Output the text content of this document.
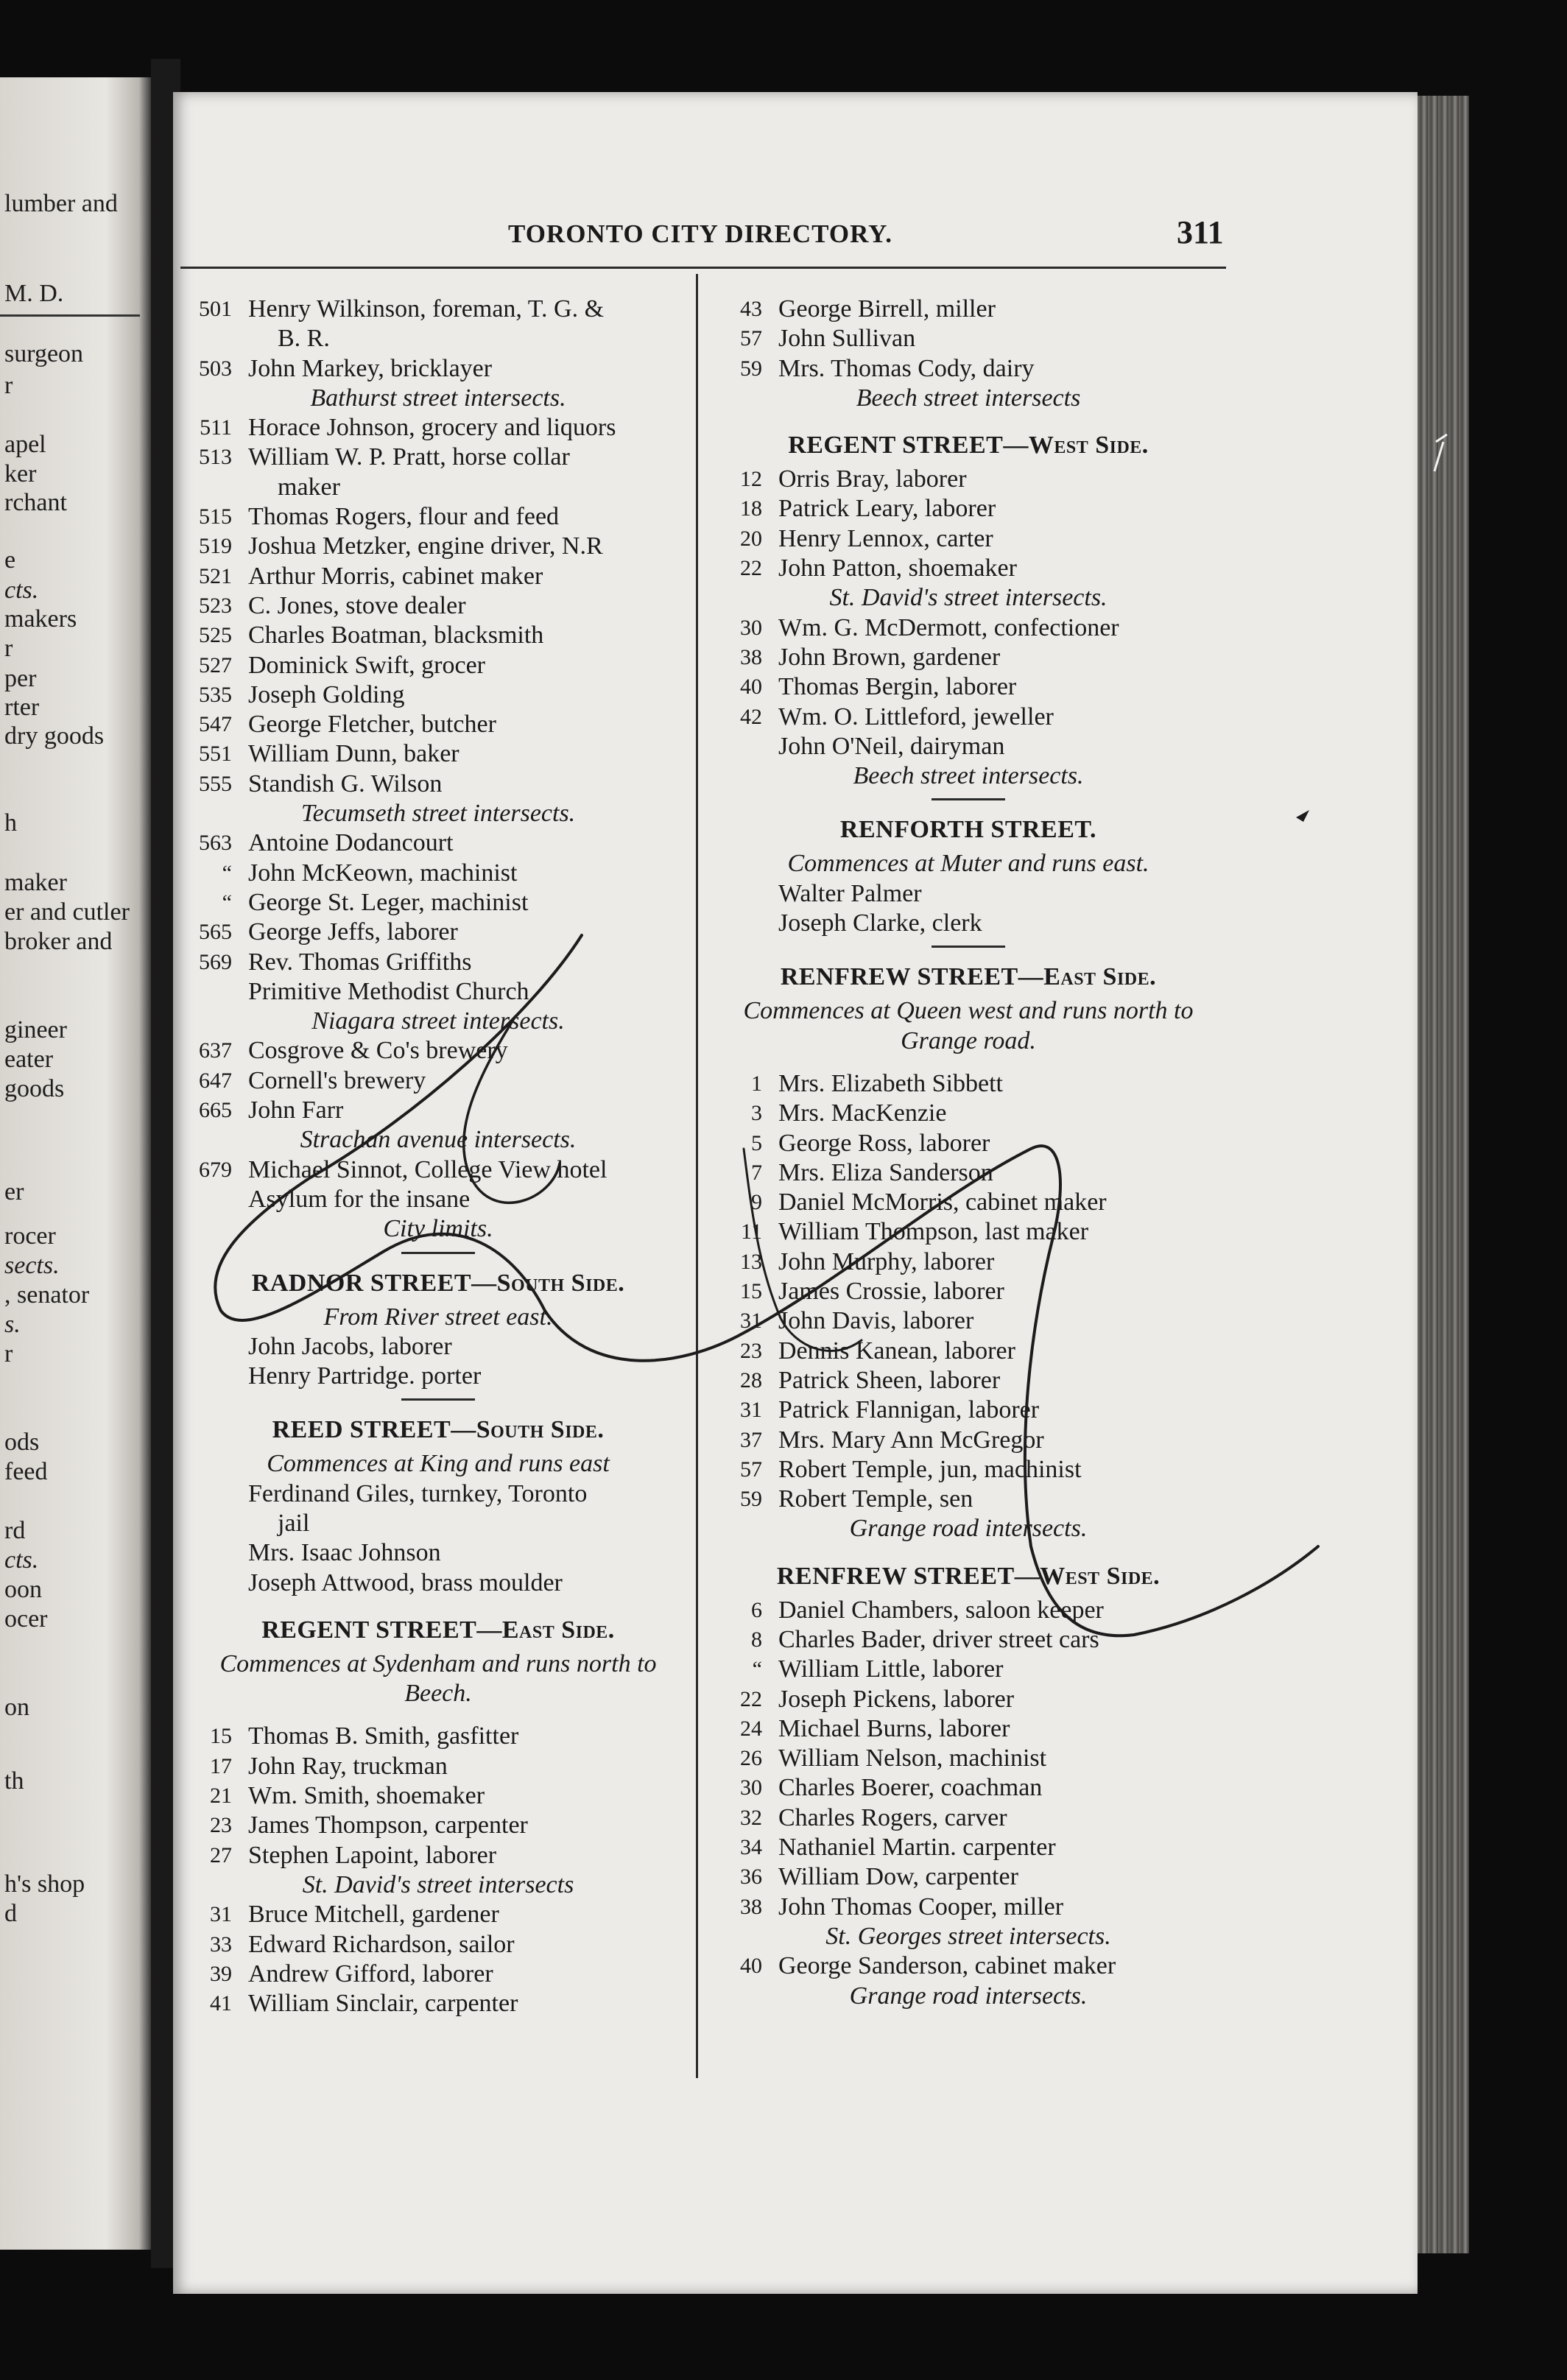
lumber and
M. D.
surgeon
r
apel
ker
rchant
e
cts.
makers
r
per
rter
dry goods
h
maker
er and cutler
broker and
gineer
eater
goods
er
rocer
sects.
, senator
s.
r
ods
feed
rd
cts.
oon
ocer
on
th
h's shop
d
TORONTO CITY DIRECTORY.	311
501 Henry Wilkinson, foreman, T. G. &
B. R.
503 John Markey, bricklayer
Bathurst street intersects.
511 Horace Johnson, grocery and liquors
513 William W. P. Pratt, horse collar
maker
515 Thomas Rogers, flour and feed
519 Joshua Metzker, engine driver, N.R
521 Arthur Morris, cabinet maker
523 C. Jones, stove dealer
525 Charles Boatman, blacksmith
527 Dominick Swift, grocer
535 Joseph Golding
547 George Fletcher, butcher
551 William Dunn, baker
555 Standish G. Wilson
Tecumseth street intersects.
563 Antoine Dodancourt
“ John McKeown, machinist
“ George St. Leger, machinist
565 George Jeffs, laborer
569 Rev. Thomas Griffiths
Primitive Methodist Church
Niagara street intersects.
637 Cosgrove & Co's brewery
647 Cornell's brewery
665 John Farr
Strachan avenue intersects.
679 Michael Sinnot, College View hotel
Asylum for the insane
City limits.
RADNOR STREET—South Side.
From River street east.
John Jacobs, laborer
Henry Partridge. porter
REED STREET—South Side.
Commences at King and runs east
Ferdinand Giles, turnkey, Toronto
jail
Mrs. Isaac Johnson
Joseph Attwood, brass moulder
REGENT STREET—East Side.
Commences at Sydenham and runs north to
Beech.
15 Thomas B. Smith, gasfitter
17 John Ray, truckman
21 Wm. Smith, shoemaker
23 James Thompson, carpenter
27 Stephen Lapoint, laborer
St. David's street intersects
31 Bruce Mitchell, gardener
33 Edward Richardson, sailor
39 Andrew Gifford, laborer
41 William Sinclair, carpenter
43 George Birrell, miller
57 John Sullivan
59 Mrs. Thomas Cody, dairy
Beech street intersects
REGENT STREET—West Side.
12 Orris Bray, laborer
18 Patrick Leary, laborer
20 Henry Lennox, carter
22 John Patton, shoemaker
St. David's street intersects.
30 Wm. G. McDermott, confectioner
38 John Brown, gardener
40 Thomas Bergin, laborer
42 Wm. O. Littleford, jeweller
John O'Neil, dairyman
Beech street intersects.
RENFORTH STREET.
Commences at Muter and runs east.
Walter Palmer
Joseph Clarke, clerk
RENFREW STREET—East Side.
Commences at Queen west and runs north to
Grange road.
1 Mrs. Elizabeth Sibbett
3 Mrs. MacKenzie
5 George Ross, laborer
7 Mrs. Eliza Sanderson
9 Daniel McMorris, cabinet maker
11 William Thompson, last maker
13 John Murphy, laborer
15 James Crossie, laborer
31 John Davis, laborer
23 Dennis Kanean, laborer
28 Patrick Sheen, laborer
31 Patrick Flannigan, laborer
37 Mrs. Mary Ann McGregor
57 Robert Temple, jun, machinist
59 Robert Temple, sen
Grange road intersects.
RENFREW STREET—West Side.
6 Daniel Chambers, saloon keeper
8 Charles Bader, driver street cars
“ William Little, laborer
22 Joseph Pickens, laborer
24 Michael Burns, laborer
26 William Nelson, machinist
30 Charles Boerer, coachman
32 Charles Rogers, carver
34 Nathaniel Martin. carpenter
36 William Dow, carpenter
38 John Thomas Cooper, miller
St. Georges street intersects.
40 George Sanderson, cabinet maker
Grange road intersects.
